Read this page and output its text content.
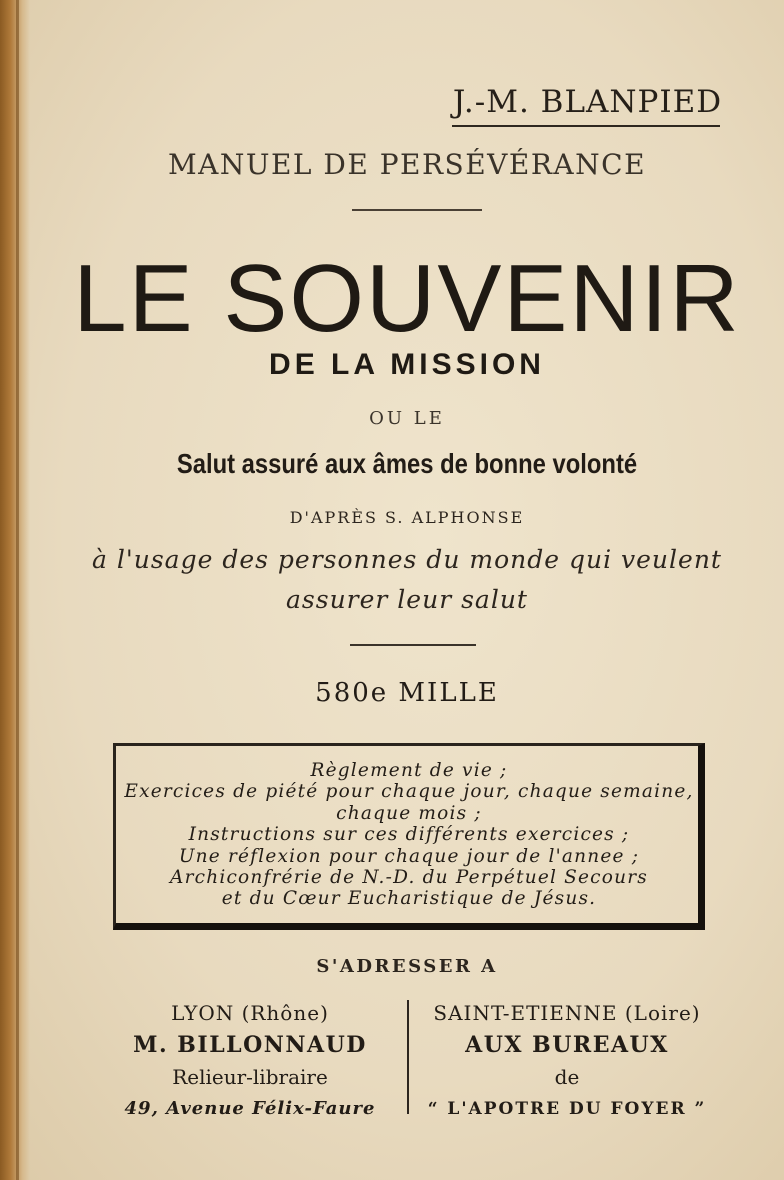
J.-M. BLANPIED
MANUEL DE PERSÉVÉRANCE
LE SOUVENIR
DE LA MISSION
OU LE
Salut assuré aux âmes de bonne volonté
D'APRÈS S. ALPHONSE
à l'usage des personnes du monde qui veulent
assurer leur salut
580e MILLE
Règlement de vie ;
Exercices de piété pour chaque jour, chaque semaine,
chaque mois ;
Instructions sur ces différents exercices ;
Une réflexion pour chaque jour de l'annee ;
Archiconfrérie de N.-D. du Perpétuel Secours
et du Cœur Eucharistique de Jésus.
S'ADRESSER A
LYON (Rhône)
M. BILLONNAUD
Relieur-libraire
49, Avenue Félix-Faure
SAINT-ETIENNE (Loire)
AUX BUREAUX
de
“ L'APOTRE DU FOYER ”
